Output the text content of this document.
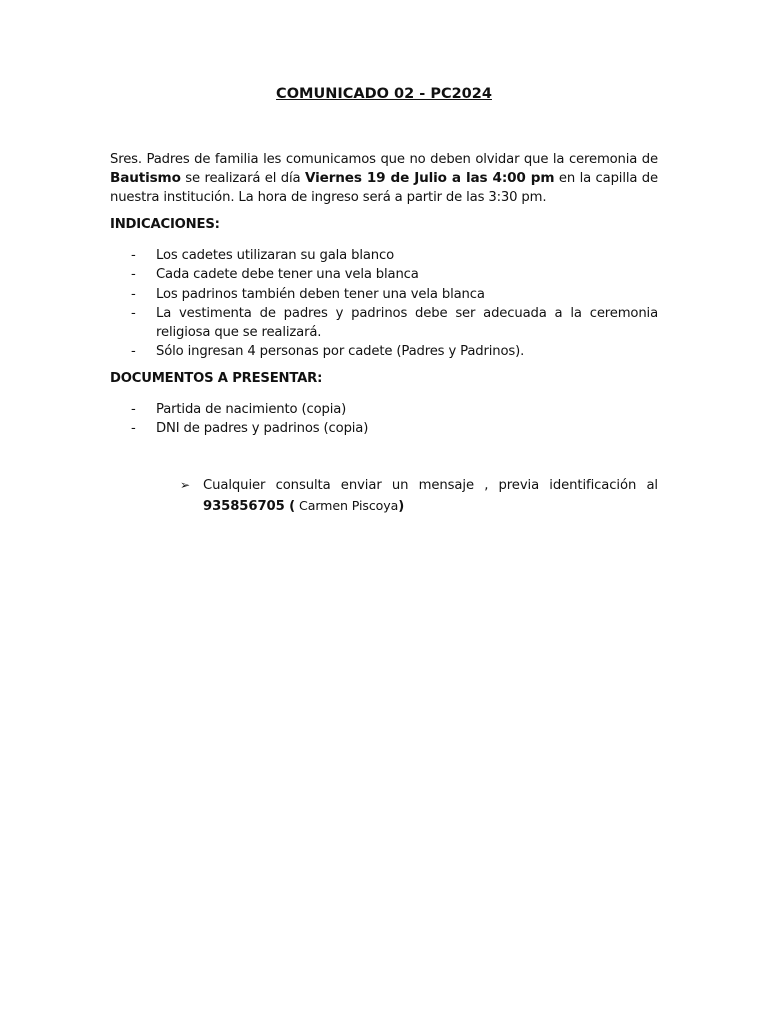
COMUNICADO 02 - PC2024

Sres. Padres de familia les comunicamos que no deben olvidar que la ceremonia de Bautismo se realizará el día Viernes 19 de Julio a las 4:00 pm en la capilla de nuestra institución. La hora de ingreso será a partir de las 3:30 pm.

INDICACIONES:
- Los cadetes utilizaran su gala blanco
- Cada cadete debe tener una vela blanca
- Los padrinos también deben tener una vela blanca
- La vestimenta de padres y padrinos debe ser adecuada a la ceremonia religiosa que se realizará.
- Sólo ingresan 4 personas por cadete (Padres y Padrinos).
DOCUMENTOS A PRESENTAR:
- Partida de nacimiento (copia)
- DNI de padres y padrinos (copia)
➢ Cualquier consulta enviar un mensaje , previa identificación al 935856705 ( Carmen Piscoya)
